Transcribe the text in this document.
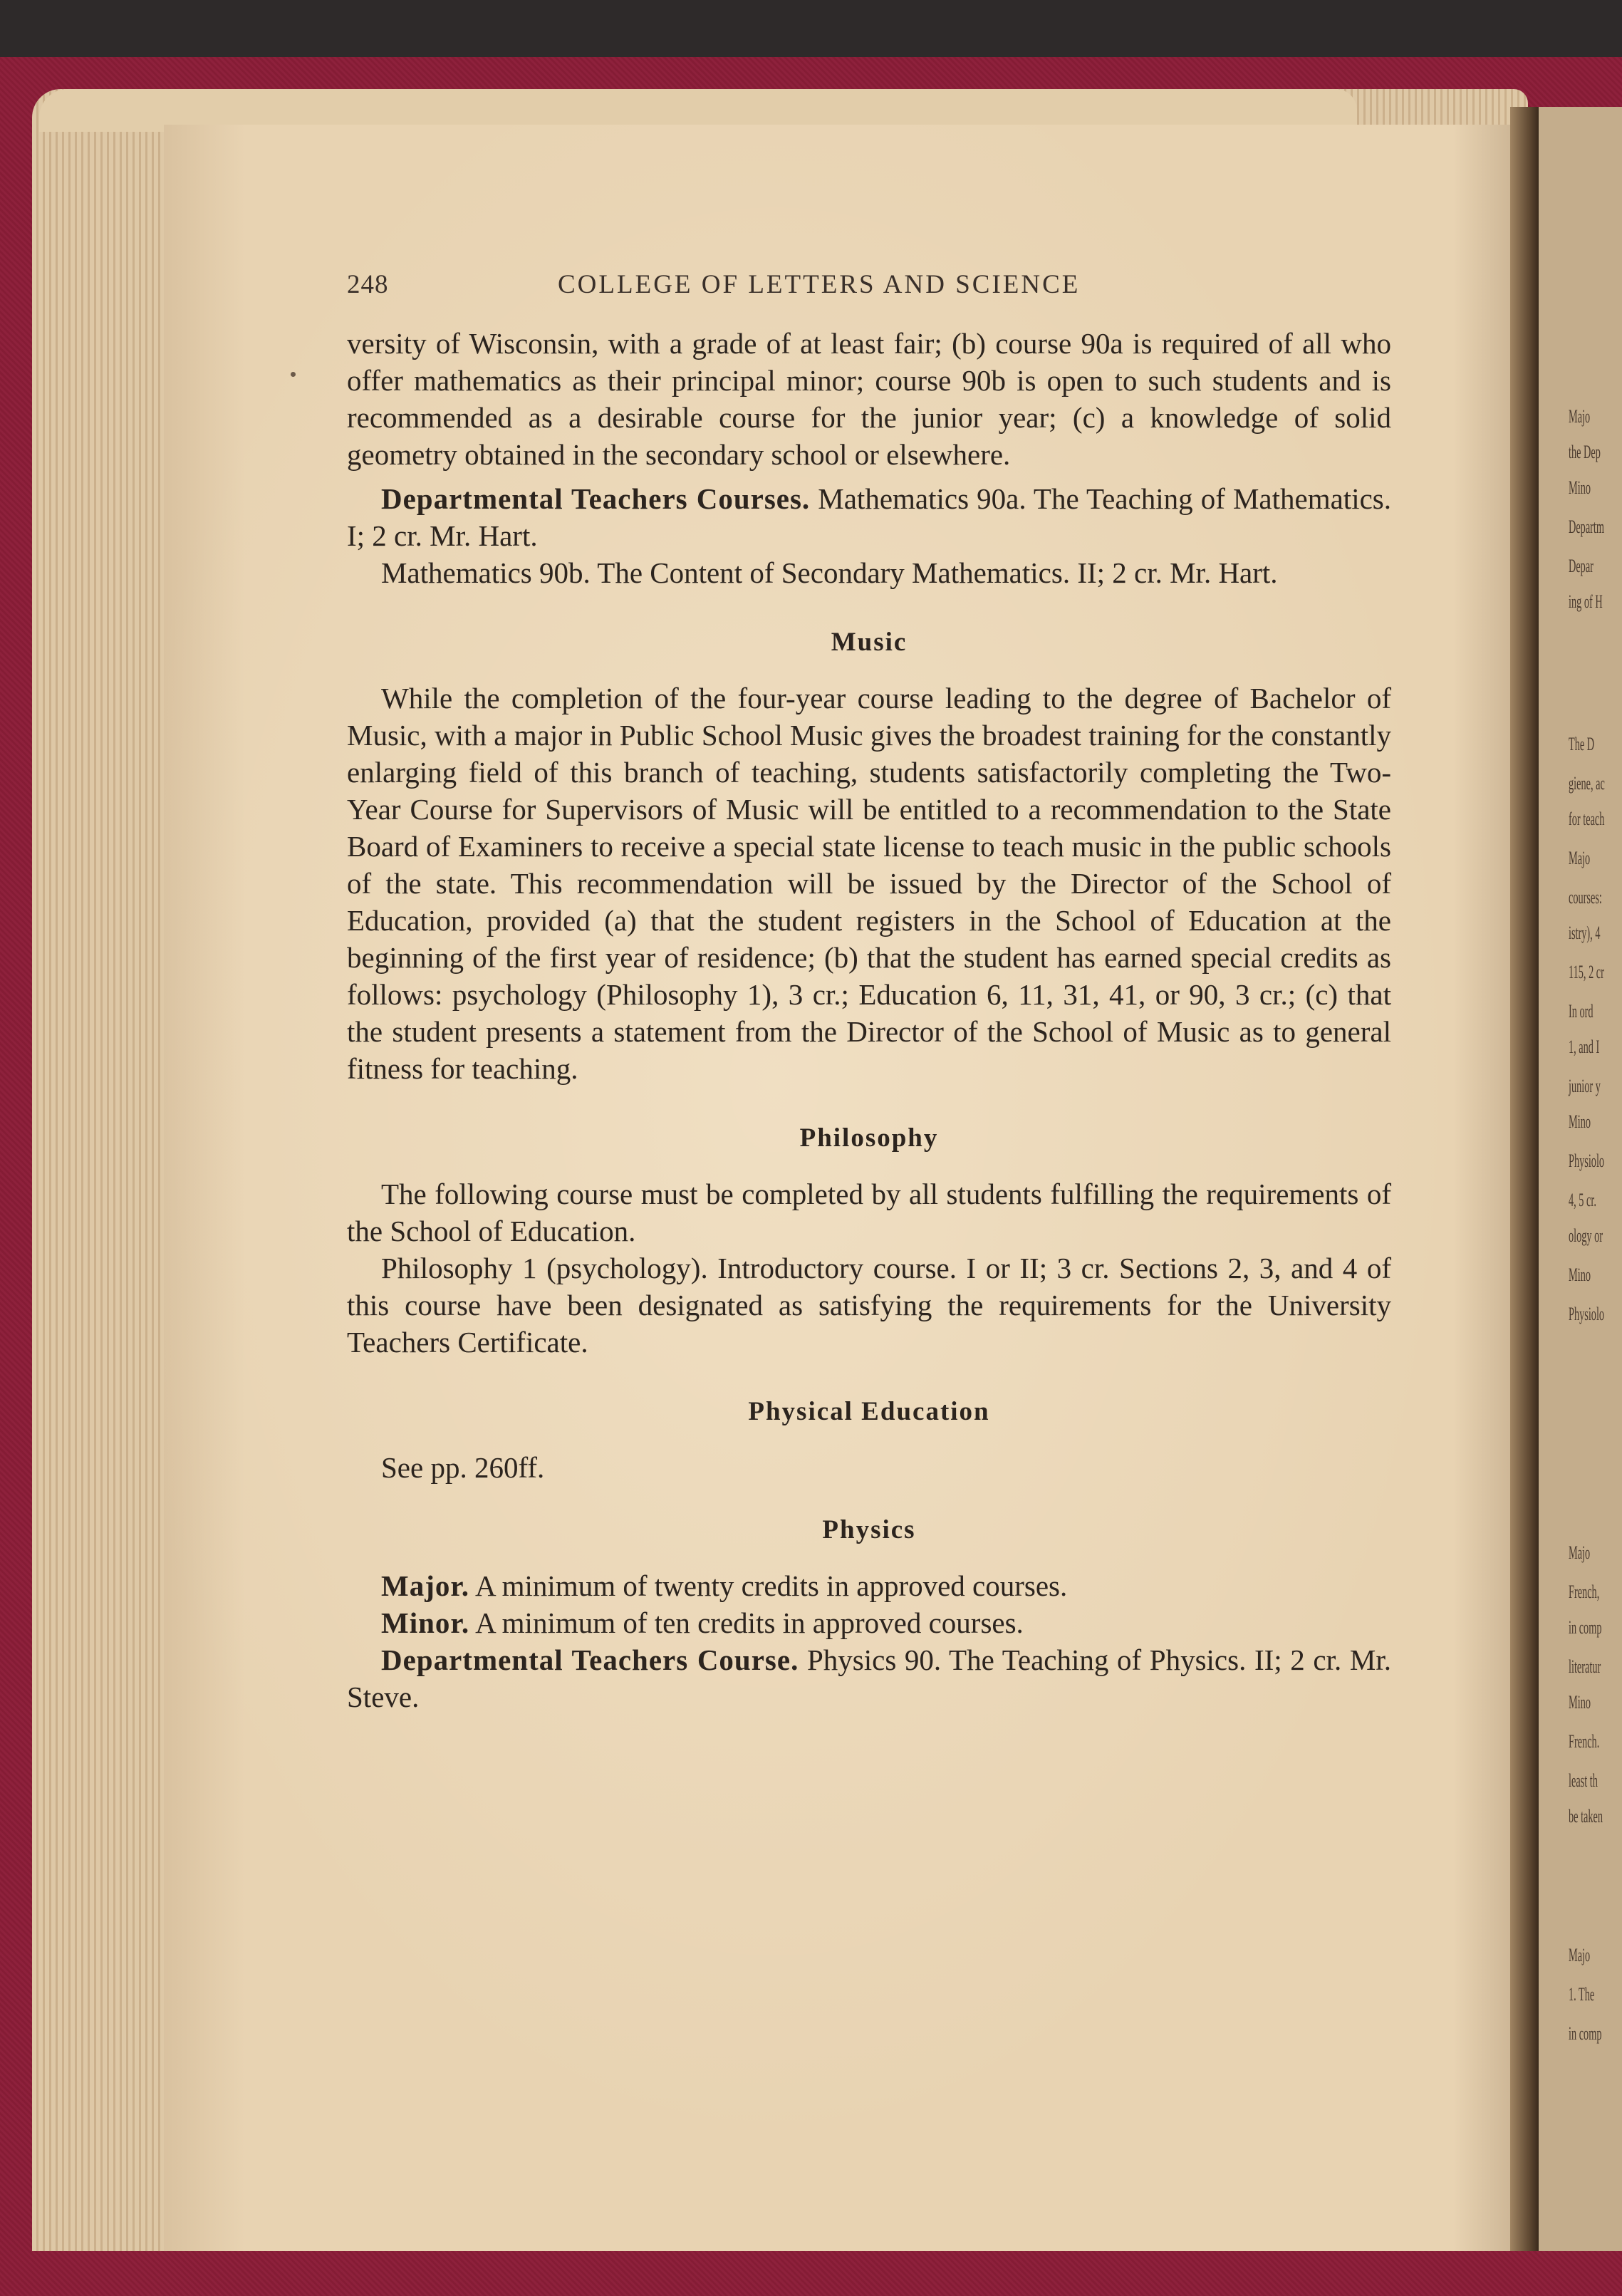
Majo
the Dep
Mino
Departm
Depar
ing of H
The D
giene, ac
for teach
Majo
courses:
istry), 4
115, 2 cr
In ord
1, and I
junior y
Mino
Physiolo
4, 5 cr.
ology or
Mino
Physiolo
Majo
French,
in comp
literatur
Mino
French.
least th
be taken
Majo
1. The
in comp
248	COLLEGE OF LETTERS AND SCIENCE

versity of Wisconsin, with a grade of at least fair; (b) course 90a is required of all who offer mathematics as their principal minor; course 90b is open to such students and is recommended as a desirable course for the junior year; (c) a knowledge of solid geometry obtained in the secondary school or elsewhere.

Departmental Teachers Courses. Mathematics 90a. The Teaching of Mathematics. I; 2 cr. Mr. Hart.

Mathematics 90b. The Content of Secondary Mathematics. II; 2 cr. Mr. Hart.

Music

While the completion of the four-year course leading to the degree of Bachelor of Music, with a major in Public School Music gives the broadest training for the constantly enlarging field of this branch of teaching, students satisfactorily completing the Two-Year Course for Supervisors of Music will be entitled to a recommendation to the State Board of Examiners to receive a special state license to teach music in the public schools of the state. This recommendation will be issued by the Director of the School of Education, provided (a) that the student registers in the School of Education at the beginning of the first year of residence; (b) that the student has earned special credits as follows: psychology (Philosophy 1), 3 cr.; Education 6, 11, 31, 41, or 90, 3 cr.; (c) that the student presents a statement from the Director of the School of Music as to general fitness for teaching.

Philosophy

The following course must be completed by all students fulfilling the requirements of the School of Education.

Philosophy 1 (psychology). Introductory course. I or II; 3 cr. Sections 2, 3, and 4 of this course have been designated as satisfying the requirements for the University Teachers Certificate.

Physical Education

See pp. 260ff.

Physics

Major. A minimum of twenty credits in approved courses.

Minor. A minimum of ten credits in approved courses.

Departmental Teachers Course. Physics 90. The Teaching of Physics. II; 2 cr. Mr. Steve.
